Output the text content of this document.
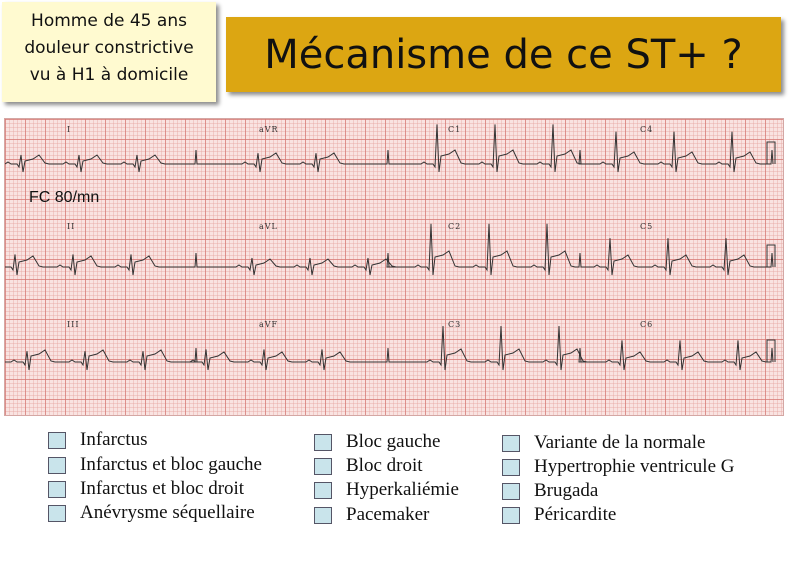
Homme de 45 ans
douleur constrictive
vu à H1 à domicile	Mécanisme de ce ST+ ?
I	aVR	C1	C4
II	aVL	C2	C5
III	aVF	C3	C6
FC 80/mn
Infarctus
Infarctus et bloc gauche
Infarctus et bloc droit
Anévrysme séquellaire
Bloc gauche
Bloc droit
Hyperkaliémie
Pacemaker
Variante de la normale
Hypertrophie ventricule G
Brugada
Péricardite
